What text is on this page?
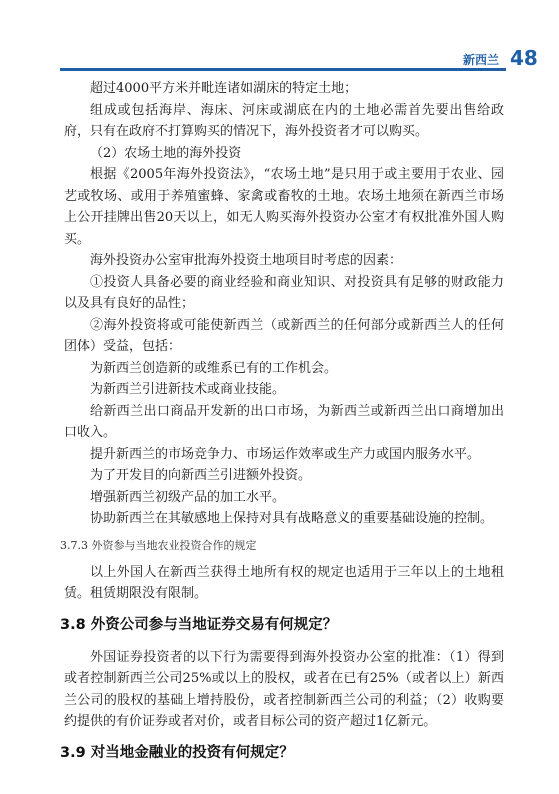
新西兰 48

超过4000平方米并毗连诸如湖床的特定土地；

组成或包括海岸、海床、河床或湖底在内的土地必需首先要出售给政府，只有在政府不打算购买的情况下，海外投资者才可以购买。

（2）农场土地的海外投资

根据《2005年海外投资法》，“农场土地”是只用于或主要用于农业、园艺或牧场、或用于养殖蜜蜂、家禽或畜牧的土地。农场土地须在新西兰市场上公开挂牌出售20天以上，如无人购买海外投资办公室才有权批准外国人购买。

海外投资办公室审批海外投资土地项目时考虑的因素：

①投资人具备必要的商业经验和商业知识、对投资具有足够的财政能力以及具有良好的品性；

②海外投资将或可能使新西兰（或新西兰的任何部分或新西兰人的任何团体）受益，包括：

为新西兰创造新的或维系已有的工作机会。

为新西兰引进新技术或商业技能。

给新西兰出口商品开发新的出口市场，为新西兰或新西兰出口商增加出口收入。

提升新西兰的市场竞争力、市场运作效率或生产力或国内服务水平。

为了开发目的向新西兰引进额外投资。

增强新西兰初级产品的加工水平。

协助新西兰在其敏感地上保持对具有战略意义的重要基础设施的控制。

3.7.3 外资参与当地农业投资合作的规定

以上外国人在新西兰获得土地所有权的规定也适用于三年以上的土地租赁。租赁期限没有限制。

3.8 外资公司参与当地证券交易有何规定？

外国证券投资者的以下行为需要得到海外投资办公室的批准：（1）得到或者控制新西兰公司25%或以上的股权，或者在已有25%（或者以上）新西兰公司的股权的基础上增持股份，或者控制新西兰公司的利益；（2）收购要约提供的有价证券或者对价，或者目标公司的资产超过1亿新元。

3.9 对当地金融业的投资有何规定？
